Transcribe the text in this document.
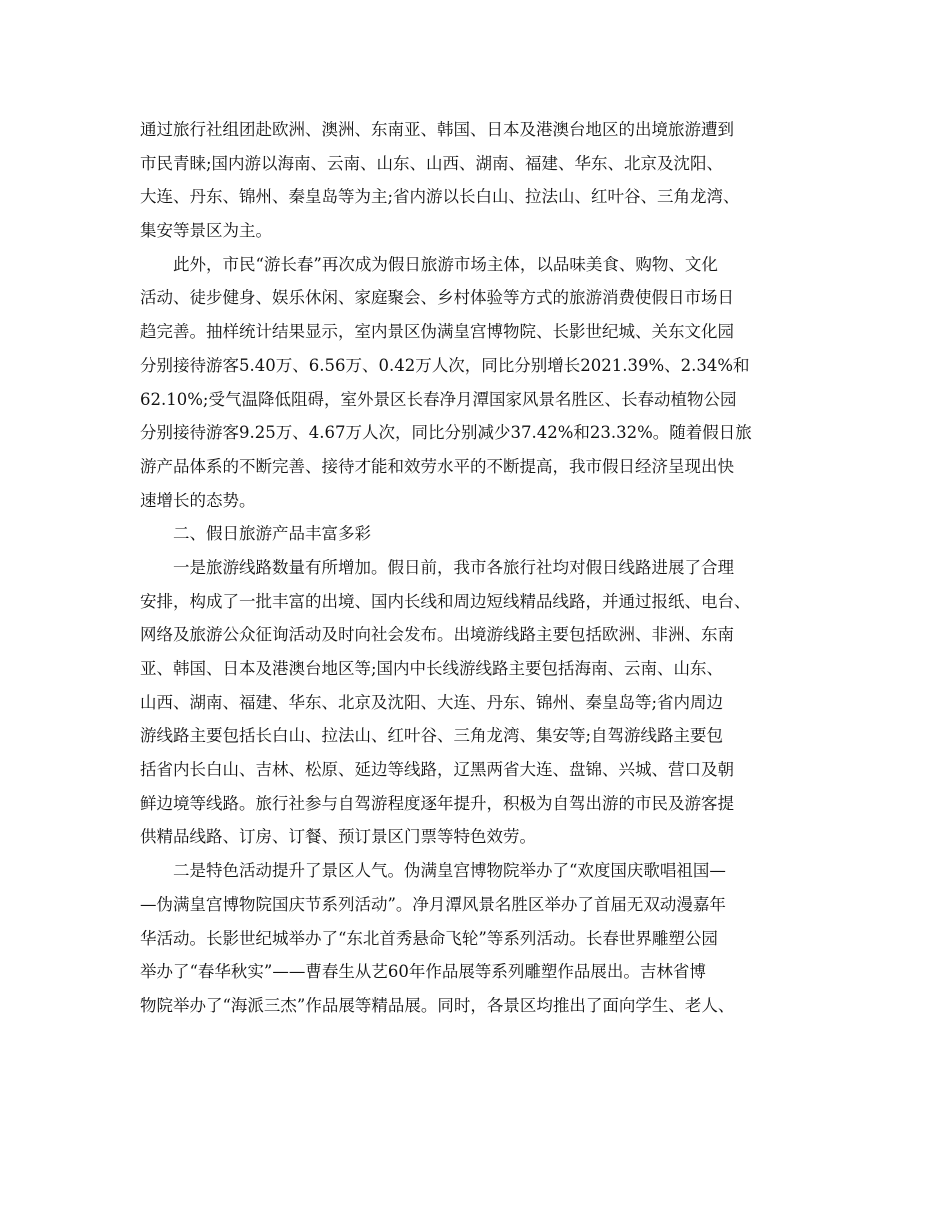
通过旅行社组团赴欧洲、澳洲、东南亚、韩国、日本及港澳台地区的出境旅游遭到
市民青睐;国内游以海南、云南、山东、山西、湖南、福建、华东、北京及沈阳、
大连、丹东、锦州、秦皇岛等为主;省内游以长白山、拉法山、红叶谷、三角龙湾、
集安等景区为主。
此外，市民“游长春”再次成为假日旅游市场主体，以品味美食、购物、文化
活动、徒步健身、娱乐休闲、家庭聚会、乡村体验等方式的旅游消费使假日市场日
趋完善。抽样统计结果显示，室内景区伪满皇宫博物院、长影世纪城、关东文化园
分别接待游客5.40万、6.56万、0.42万人次，同比分别增长2021.39%、2.34%和
62.10%;受气温降低阻碍，室外景区长春净月潭国家风景名胜区、长春动植物公园
分别接待游客9.25万、4.67万人次，同比分别减少37.42%和23.32%。随着假日旅
游产品体系的不断完善、接待才能和效劳水平的不断提高，我市假日经济呈现出快
速增长的态势。
二、假日旅游产品丰富多彩
一是旅游线路数量有所增加。假日前，我市各旅行社均对假日线路进展了合理
安排，构成了一批丰富的出境、国内长线和周边短线精品线路，并通过报纸、电台、
网络及旅游公众征询活动及时向社会发布。出境游线路主要包括欧洲、非洲、东南
亚、韩国、日本及港澳台地区等;国内中长线游线路主要包括海南、云南、山东、
山西、湖南、福建、华东、北京及沈阳、大连、丹东、锦州、秦皇岛等;省内周边
游线路主要包括长白山、拉法山、红叶谷、三角龙湾、集安等;自驾游线路主要包
括省内长白山、吉林、松原、延边等线路，辽黑两省大连、盘锦、兴城、营口及朝
鲜边境等线路。旅行社参与自驾游程度逐年提升，积极为自驾出游的市民及游客提
供精品线路、订房、订餐、预订景区门票等特色效劳。
二是特色活动提升了景区人气。伪满皇宫博物院举办了“欢度国庆歌唱祖国—
—伪满皇宫博物院国庆节系列活动”。净月潭风景名胜区举办了首届无双动漫嘉年
华活动。长影世纪城举办了“东北首秀悬命飞轮”等系列活动。长春世界雕塑公园
举办了“春华秋实”——曹春生从艺60年作品展等系列雕塑作品展出。吉林省博
物院举办了“海派三杰”作品展等精品展。同时，各景区均推出了面向学生、老人、
